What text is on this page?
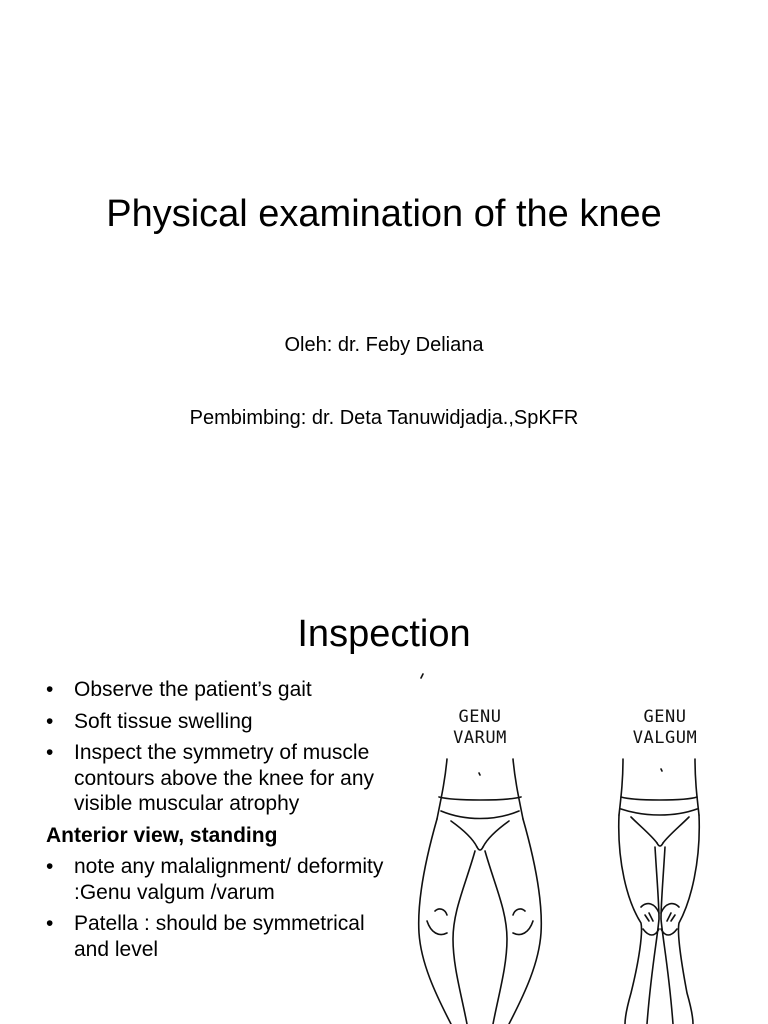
Physical examination of the knee
Oleh: dr. Feby Deliana
Pembimbing: dr. Deta Tanuwidjadja.,SpKFR
Inspection
• Observe the patient’s gait
• Soft tissue swelling
• Inspect the symmetry of muscle contours above the knee for any visible muscular atrophy
Anterior view, standing
• note any malalignment/ deformity :Genu valgum /varum
• Patella : should be symmetrical and level
GENU
VARUM
GENU
VALGUM
